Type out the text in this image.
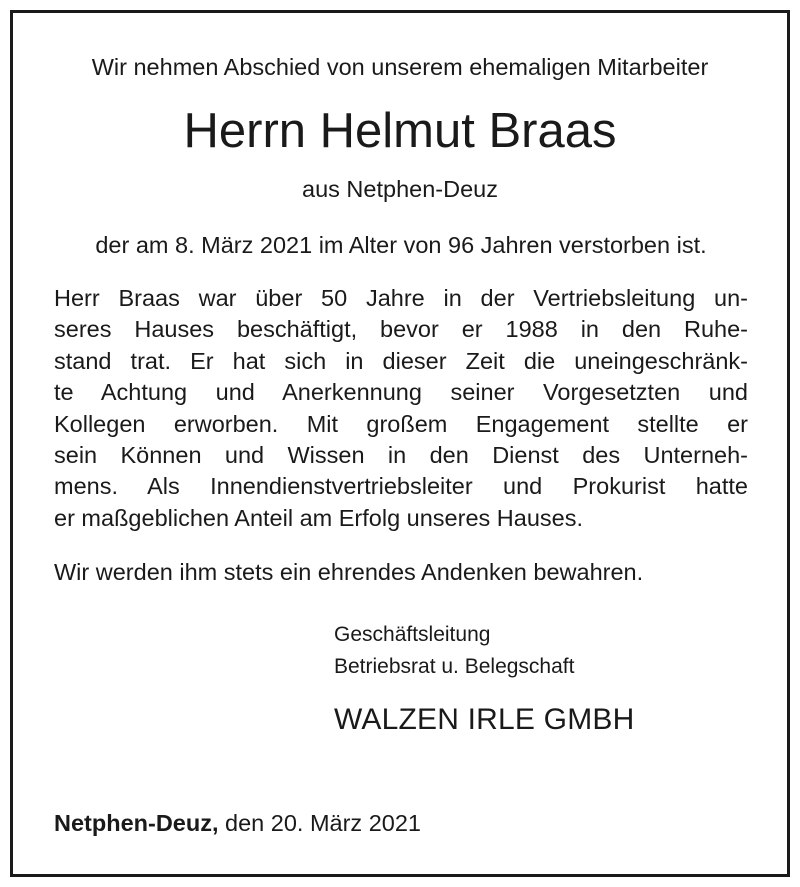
Wir nehmen Abschied von unserem ehemaligen Mitarbeiter

Herrn Helmut Braas

aus Netphen-Deuz

der am 8. März 2021 im Alter von 96 Jahren verstorben ist.

Herr Braas war über 50 Jahre in der Vertriebsleitung un-
seres Hauses beschäftigt, bevor er 1988 in den Ruhe-
stand trat. Er hat sich in dieser Zeit die uneingeschränk-
te Achtung und Anerkennung seiner Vorgesetzten und
Kollegen erworben. Mit großem Engagement stellte er
sein Können und Wissen in den Dienst des Unterneh-
mens. Als Innendienstvertriebsleiter und Prokurist hatte
er maßgeblichen Anteil am Erfolg unseres Hauses.

Wir werden ihm stets ein ehrendes Andenken bewahren.

Geschäftsleitung

Betriebsrat u. Belegschaft

WALZEN IRLE GMBH

Netphen-Deuz, den 20. März 2021
